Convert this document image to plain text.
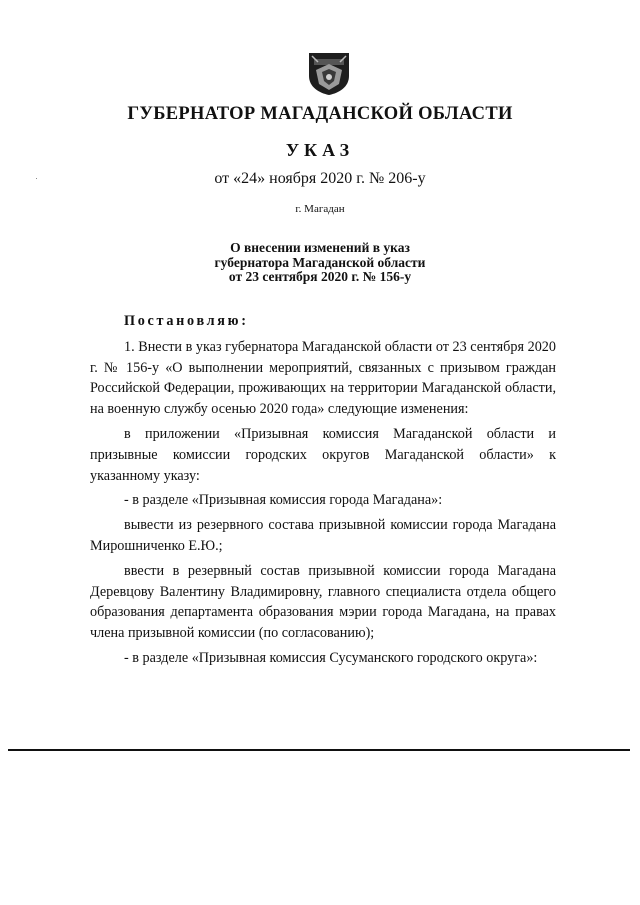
ГУБЕРНАТОР МАГАДАНСКОЙ ОБЛАСТИ
УКАЗ
от «24» ноября 2020 г. № 206-у
г. Магадан
О внесении изменений в указ
губернатора Магаданской области
от 23 сентября 2020 г. № 156-у

Постановляю:

1. Внести в указ губернатора Магаданской области от 23 сентября 2020 г. № 156-у «О выполнении мероприятий, связанных с призывом граждан Российской Федерации, проживающих на территории Магаданской области, на военную службу осенью 2020 года» следующие изменения:

в приложении «Призывная комиссия Магаданской области и призывные комиссии городских округов Магаданской области» к указанному указу:

- в разделе «Призывная комиссия города Магадана»:

вывести из резервного состава призывной комиссии города Магадана Мирошниченко Е.Ю.;

ввести в резервный состав призывной комиссии города Магадана Деревцову Валентину Владимировну, главного специалиста отдела общего образования департамента образования мэрии города Магадана, на правах члена призывной комиссии (по согласованию);

- в разделе «Призывная комиссия Сусуманского городского округа»:
